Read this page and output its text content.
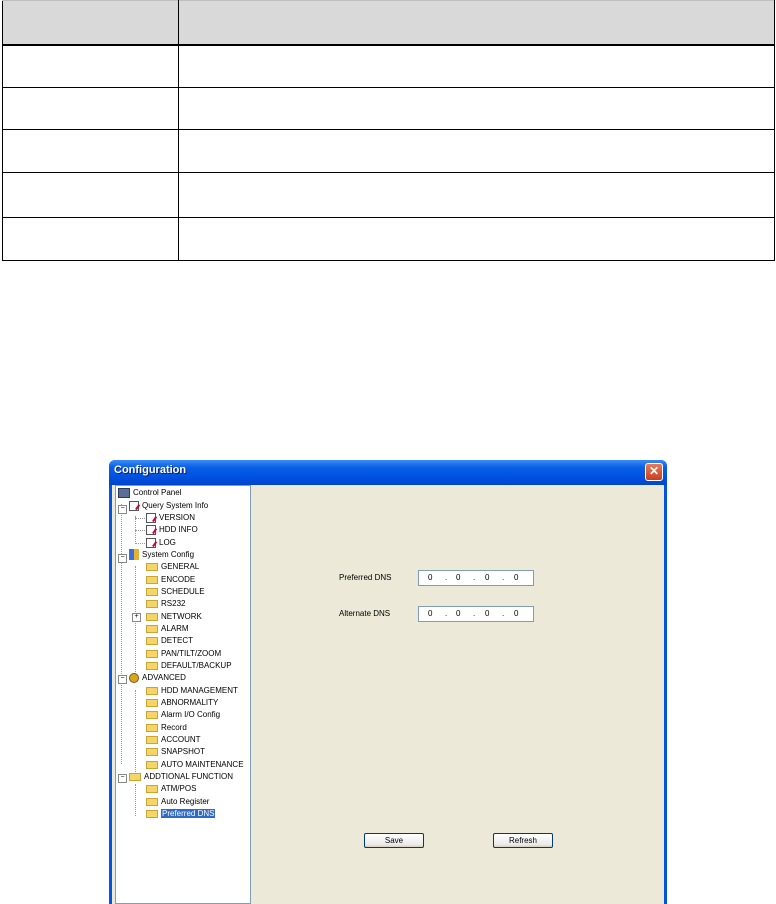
Configuration	✕
−
−
+
−
−
Control Panel
Query System Info
VERSION
HDD INFO
LOG
System Config
GENERAL
ENCODE
SCHEDULE
RS232
NETWORK
ALARM
DETECT
PAN/TILT/ZOOM
DEFAULT/BACKUP
ADVANCED
HDD MANAGEMENT
ABNORMALITY
Alarm I/O Config
Record
ACCOUNT
SNAPSHOT
AUTO MAINTENANCE
ADDTIONAL FUNCTION
ATM/POS
Auto Register
Preferred DNS
Preferred DNS	0 . 0 . 0 . 0
Alternate DNS	0 . 0 . 0 . 0
Save	Refresh
